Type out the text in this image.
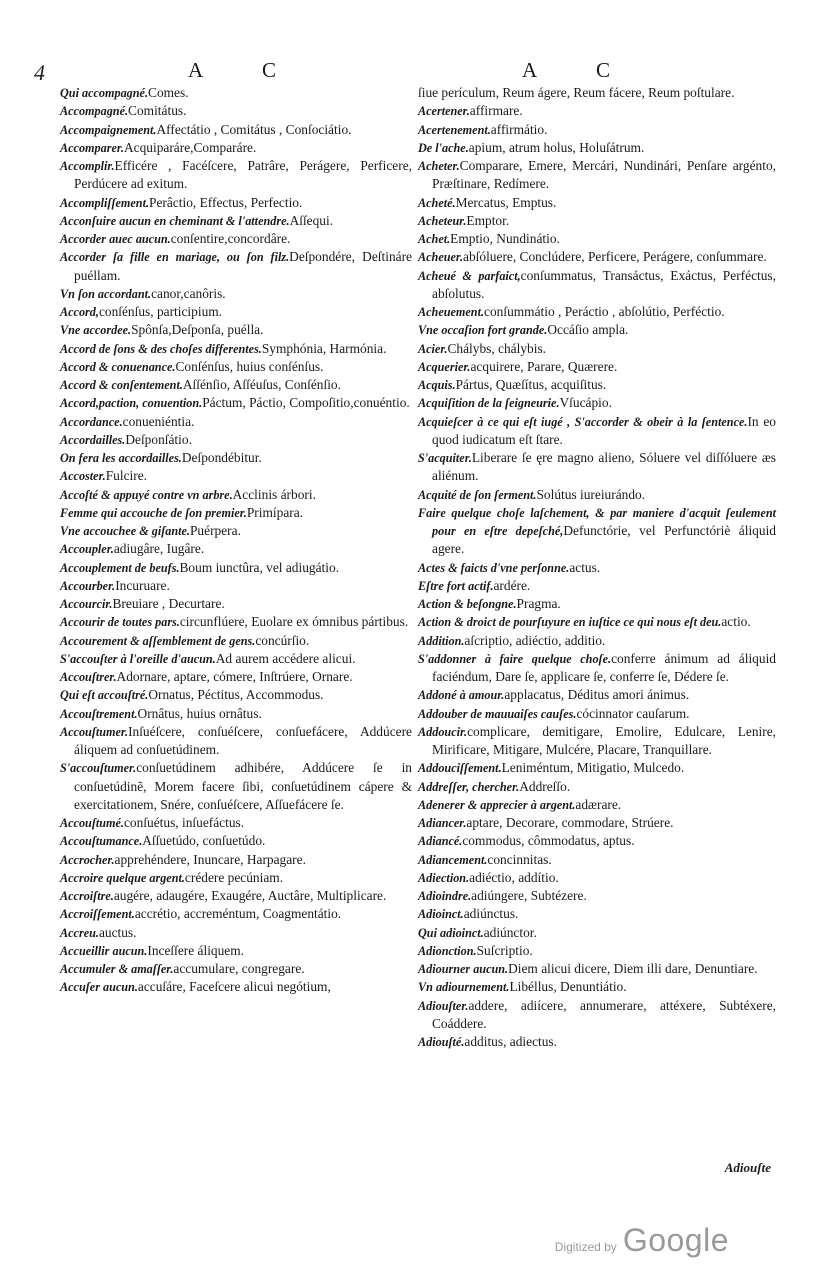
4	A	C	A	C

Qui accompagné.Comes.

Accompagné.Comitátus.

Accompaignement.Affectátio , Comitátus , Conſociátio.

Accomparer.Acquiparáre,Comparáre.

Accomplir.Efficére , Facéſcere, Patrâre, Perágere, Perficere, Perdúcere ad exitum.

Accompliſſement.Perâctio, Effectus, Perfectio.

Acconſuire aucun en cheminant & l'attendre.Aſſequi.

Accorder auec aucun.conſentire,concordâre.

Accorder ſa fille en mariage, ou ſon filz.Deſpondére, Deſtináre puéllam.

Vn ſon accordant.canor,canôris.

Accord,conſénſus, participium.

Vne accordee.Spônſa,Deſponſa, puélla.

Accord de ſons & des choſes differentes.Symphónia, Harmónia.

Accord & conuenance.Conſénſus, huius conſénſus.

Accord & conſentement.Aſſénſio, Aſſéuſus, Conſénſio.

Accord,paction, conuention.Páctum, Páctio, Compoſitio,conuéntio.

Accordance.conueniéntia.

Accordailles.Deſponſátio.

On fera les accordailles.Deſpondébitur.

Accoster.Fulcire.

Accoſté & appuyé contre vn arbre.Acclinis árbori.

Femme qui accouche de ſon premier.Primípara.

Vne accouchee & giſante.Puérpera.

Accoupler.adiugâre, Iugâre.

Accouplement de beufs.Boum iunctûra, vel adiugátio.

Accourber.Incuruare.

Accourcir.Breuiare , Decurtare.

Accourir de toutes pars.circunflúere, Euolare ex ómnibus pártibus.

Accourement & aſſemblement de gens.concúrſio.

S'accouſter à l'oreille d'aucun.Ad aurem accédere alicui.

Accouſtrer.Adornare, aptare, cómere, Inſtrúere, Ornare.

Qui eſt accouſtré.Ornatus, Péctitus, Accommodus.

Accouſtrement.Ornâtus, huius ornâtus.

Accouſtumer.Inſuéſcere, conſuéſcere, conſuefácere, Addúcere áliquem ad conſuetúdinem.

S'accouſtumer.conſuetúdinem adhibére, Addúcere ſe in conſuetúdinẽ, Morem facere ſibi, conſuetúdinem cápere & exercitationem, Snére, conſuéſcere, Aſſuefácere ſe.

Accouſtumé.conſuétus, inſuefáctus.

Accouſtumance.Aſſuetúdo, conſuetúdo.

Accrocher.apprehéndere, Inuncare, Harpagare.

Accroire quelque argent.crédere pecúniam.

Accroiſtre.augére, adaugére, Exaugére, Auctâre, Multiplicare.

Accroiſſement.accrétio, accreméntum, Coagmentátio.

Accreu.auctus.

Accueillir aucun.Inceſſere áliquem.

Accumuler & amaſſer.accumulare, congregare.

Accuſer aucun.accuſáre, Faceſcere alicui negótium,

ſiue perículum, Reum ágere, Reum fácere, Reum poſtulare.

Acertener.affirmare.

Acertenement.affirmátio.

De l'ache.apium, atrum holus, Holuſátrum.

Acheter.Comparare, Emere, Mercári, Nundinári, Penſare argénto, Præſtinare, Redímere.

Acheté.Mercatus, Emptus.

Acheteur.Emptor.

Achet.Emptio, Nundinátio.

Acheuer.abſóluere, Conclúdere, Perficere, Perágere, conſummare.

Acheué & parfaict,conſummatus, Transáctus, Exáctus, Perféctus, abſolutus.

Acheuement.conſummátio , Peráctio , abſolútio, Perféctio.

Vne occaſion fort grande.Occáſio ampla.

Acier.Chálybs, chálybis.

Acquerier.acquirere, Parare, Quærere.

Acquis.Pártus, Quæſítus, acquiſitus.

Acquiſition de la ſeigneurie.Vſucápio.

Acquieſcer à ce qui eſt iugé , S'accorder & obeir à la ſentence.In eo quod iudicatum eſt ſtare.

S'acquiter.Liberare ſe ęre magno alieno, Sóluere vel diſſóluere æs aliénum.

Acquité de ſon ſerment.Solútus iureiurándo.

Faire quelque choſe laſchement, & par maniere d'acquit ſeulement pour en eſtre depeſché,Defunctórie, vel Perfunctóriè áliquid agere.

Actes & faicts d'vne perſonne.actus.

Eſtre fort actif.ardére.

Action & beſongne.Pragma.

Action & droict de pourſuyure en iuſtice ce qui nous eſt deu.actio.

Addition.aſcriptio, adiéctio, additio.

S'addonner à faire quelque choſe.conferre ánimum ad áliquid faciéndum, Dare ſe, applicare ſe, conferre ſe, Dédere ſe.

Addoné à amour.applacatus, Déditus amori ánimus.

Addouber de mauuaiſes cauſes.cócinnator cauſarum.

Addoucir.complicare, demitigare, Emolire, Edulcare, Lenire, Mirificare, Mitigare, Mulcére, Placare, Tranquillare.

Addouciſſement.Leniméntum, Mitigatio, Mulcedo.

Addreſſer, chercher.Addreſſo.

Adenerer & apprecier à argent.adærare.

Adiancer.aptare, Decorare, commodare, Strúere.

Adiancé.commodus, cômmodatus, aptus.

Adiancement.concinnitas.

Adiection.adiéctio, addítio.

Adioindre.adiúngere, Subtézere.

Adioinct.adiúnctus.

Qui adioinct.adiúnctor.

Adionction.Suſcriptio.

Adiourner aucun.Diem alicui dicere, Diem illi dare, Denuntiare.

Vn adiournement.Libéllus, Denuntiátio.

Adiouſter.addere, adiícere, annumerare, attéxere, Subtéxere, Coáddere.

Adiouſté.additus, adiectus.

Adiouſte
Digitized by Google
